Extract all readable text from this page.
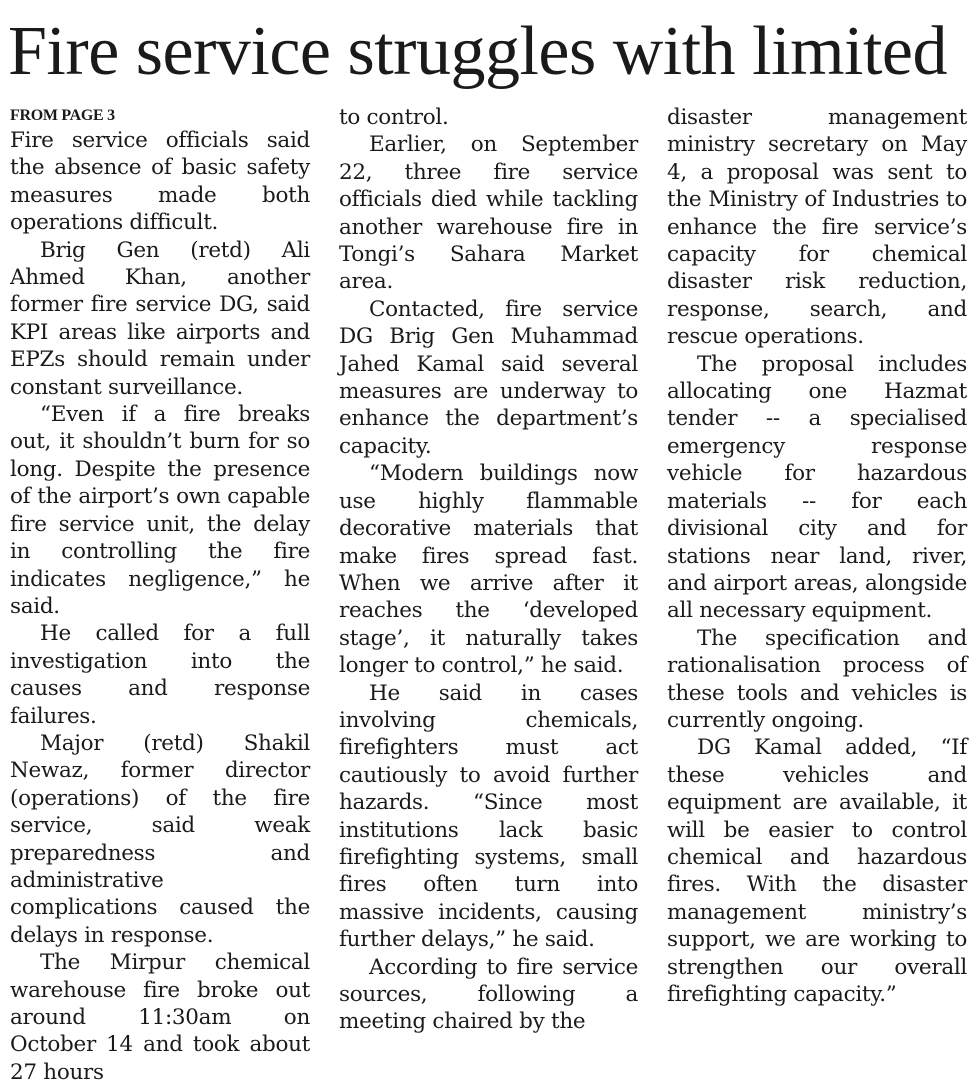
Fire service struggles with limited
FROM PAGE 3

Fire service officials said the absence of basic safety measures made both operations difficult.

Brig Gen (retd) Ali Ahmed Khan, another former fire service DG, said KPI areas like airports and EPZs should remain under constant surveillance.

“Even if a fire breaks out, it shouldn’t burn for so long. Despite the presence of the airport’s own capable fire service unit, the delay in controlling the fire indicates negligence,” he said.

He called for a full investigation into the causes and response failures.

Major (retd) Shakil Newaz, former director (operations) of the fire service, said weak preparedness and administrative complications caused the delays in response.

The Mirpur chemical warehouse fire broke out around 11:30am on October 14 and took about 27 hours

to control.

Earlier, on September 22, three fire service officials died while tackling another warehouse fire in Tongi’s Sahara Market area.

Contacted, fire service DG Brig Gen Muhammad Jahed Kamal said several measures are underway to enhance the department’s capacity.

“Modern buildings now use highly flammable decorative materials that make fires spread fast. When we arrive after it reaches the ‘developed stage’, it naturally takes longer to control,” he said.

He said in cases involving chemicals, firefighters must act cautiously to avoid further hazards. “Since most institutions lack basic firefighting systems, small fires often turn into massive incidents, causing further delays,” he said.

According to fire service sources, following a meeting chaired by the

disaster management ministry secretary on May 4, a proposal was sent to the Ministry of Industries to enhance the fire service’s capacity for chemical disaster risk reduction, response, search, and rescue operations.

The proposal includes allocating one Hazmat tender -- a specialised emergency response vehicle for hazardous materials -- for each divisional city and for stations near land, river, and airport areas, alongside all necessary equipment.

The specification and rationalisation process of these tools and vehicles is currently ongoing.

DG Kamal added, “If these vehicles and equipment are available, it will be easier to control chemical and hazardous fires. With the disaster management ministry’s support, we are working to strengthen our overall firefighting capacity.”
